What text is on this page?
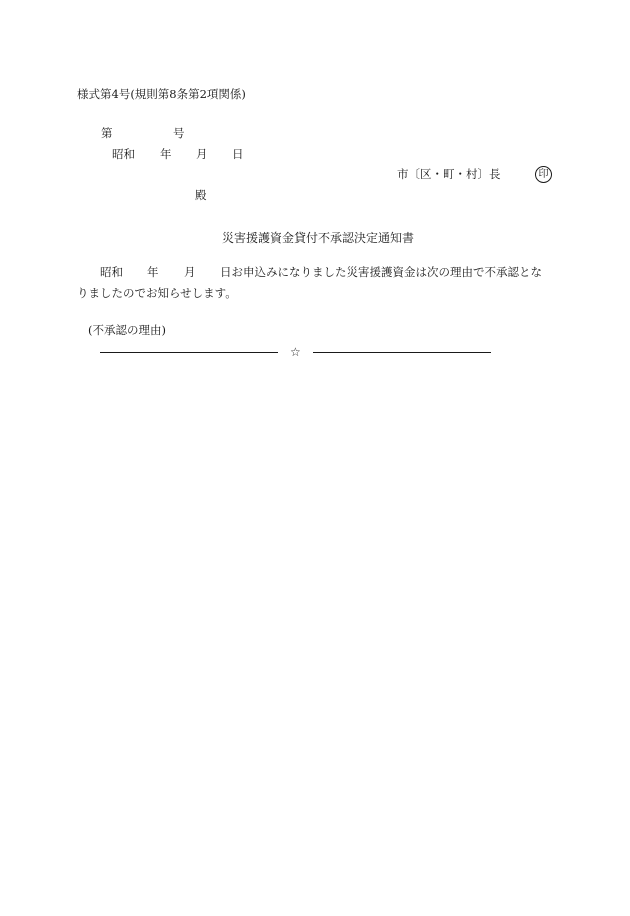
様式第4号(規則第8条第2項関係)
第	号
昭和 年 月 日
市〔区・町・村〕長	印
殿
災害援護資金貸付不承認決定通知書
昭和 年 月 日お申込みになりました災害援護資金は次の理由で不承認とな
りましたのでお知らせします。
(不承認の理由)
☆
